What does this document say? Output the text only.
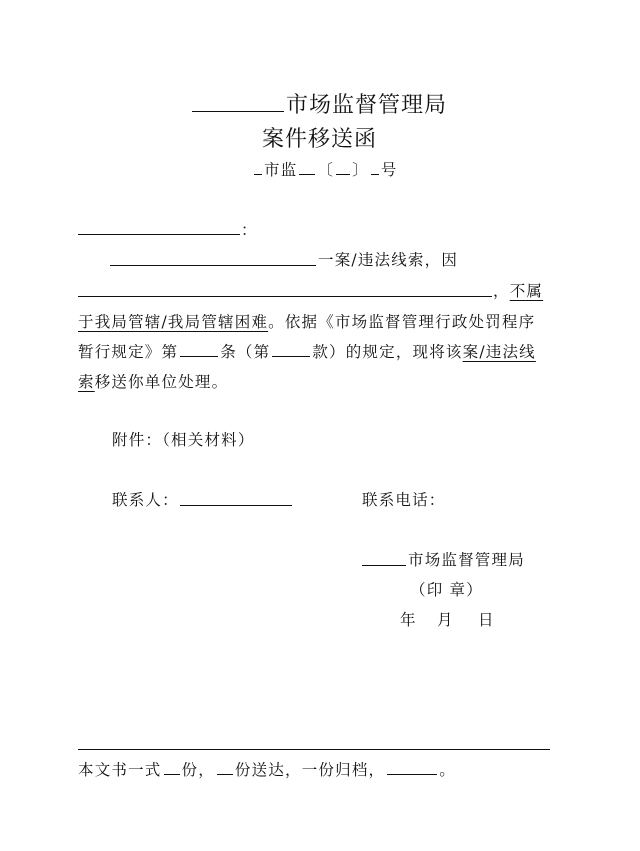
市场监督管理局
案件移送函
市监 〔 〕 号
：
一案/违法线索，因
，不属
于我局管辖/我局管辖困难。依据《市场监督管理行政处罚程序
暂行规定》第	条（第	款）的规定，现将该案/违法线
索移送你单位处理。
附件：（相关材料）
联系人：	联系电话：
市场监督管理局
（印 章）
年 月 日
本文书一式 份， 份送达，一份归档，	。
